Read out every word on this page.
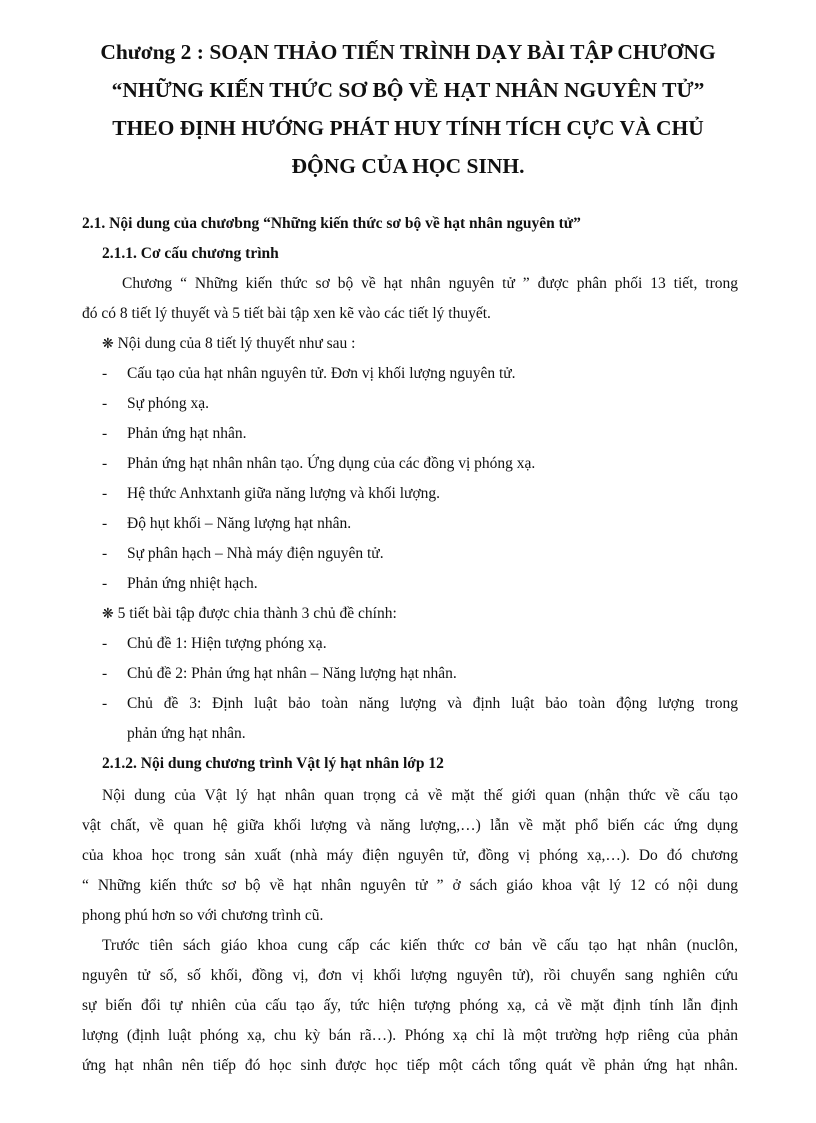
Chương 2 : SOẠN THẢO TIẾN TRÌNH DẠY BÀI TẬP CHƯƠNG
“NHỮNG KIẾN THỨC SƠ BỘ VỀ HẠT NHÂN NGUYÊN TỬ”
THEO ĐỊNH HƯỚNG PHÁT HUY TÍNH TÍCH CỰC VÀ CHỦ
ĐỘNG CỦA HỌC SINH.
2.1. Nội dung của chươbng “Những kiến thức sơ bộ về hạt nhân nguyên tử”
2.1.1. Cơ cấu chương trình
Chương “ Những kiến thức sơ bộ về hạt nhân nguyên tử ” được phân phối 13 tiết, trong
đó có 8 tiết lý thuyết và 5 tiết bài tập xen kẽ vào các tiết lý thuyết.
❋ Nội dung của 8 tiết lý thuyết như sau :
- Cấu tạo của hạt nhân nguyên tử. Đơn vị khối lượng nguyên tử.
- Sự phóng xạ.
- Phản ứng hạt nhân.
- Phản ứng hạt nhân nhân tạo. Ứng dụng của các đồng vị phóng xạ.
- Hệ thức Anhxtanh giữa năng lượng và khối lượng.
- Độ hụt khối – Năng lượng hạt nhân.
- Sự phân hạch – Nhà máy điện nguyên tử.
- Phản ứng nhiệt hạch.
❋ 5 tiết bài tập được chia thành 3 chủ đề chính:
- Chủ đề 1: Hiện tượng phóng xạ.
- Chủ đề 2: Phản ứng hạt nhân – Năng lượng hạt nhân.
- Chủ đề 3: Định luật bảo toàn năng lượng và định luật bảo toàn động lượng trong
phản ứng hạt nhân.
2.1.2. Nội dung chương trình Vật lý hạt nhân lớp 12
Nội dung của Vật lý hạt nhân quan trọng cả về mặt thế giới quan (nhận thức về cấu tạo
vật chất, về quan hệ giữa khối lượng và năng lượng,…) lẫn về mặt phổ biến các ứng dụng
của khoa học trong sản xuất (nhà máy điện nguyên tử, đồng vị phóng xạ,…). Do đó chương
“ Những kiến thức sơ bộ về hạt nhân nguyên tử ” ở sách giáo khoa vật lý 12 có nội dung
phong phú hơn so với chương trình cũ.
Trước tiên sách giáo khoa cung cấp các kiến thức cơ bản về cấu tạo hạt nhân (nuclôn,
nguyên tử số, số khối, đồng vị, đơn vị khối lượng nguyên tử), rồi chuyển sang nghiên cứu
sự biến đổi tự nhiên của cấu tạo ấy, tức hiện tượng phóng xạ, cả về mặt định tính lẫn định
lượng (định luật phóng xạ, chu kỳ bán rã…). Phóng xạ chỉ là một trường hợp riêng của phản
ứng hạt nhân nên tiếp đó học sinh được học tiếp một cách tổng quát về phản ứng hạt nhân.
